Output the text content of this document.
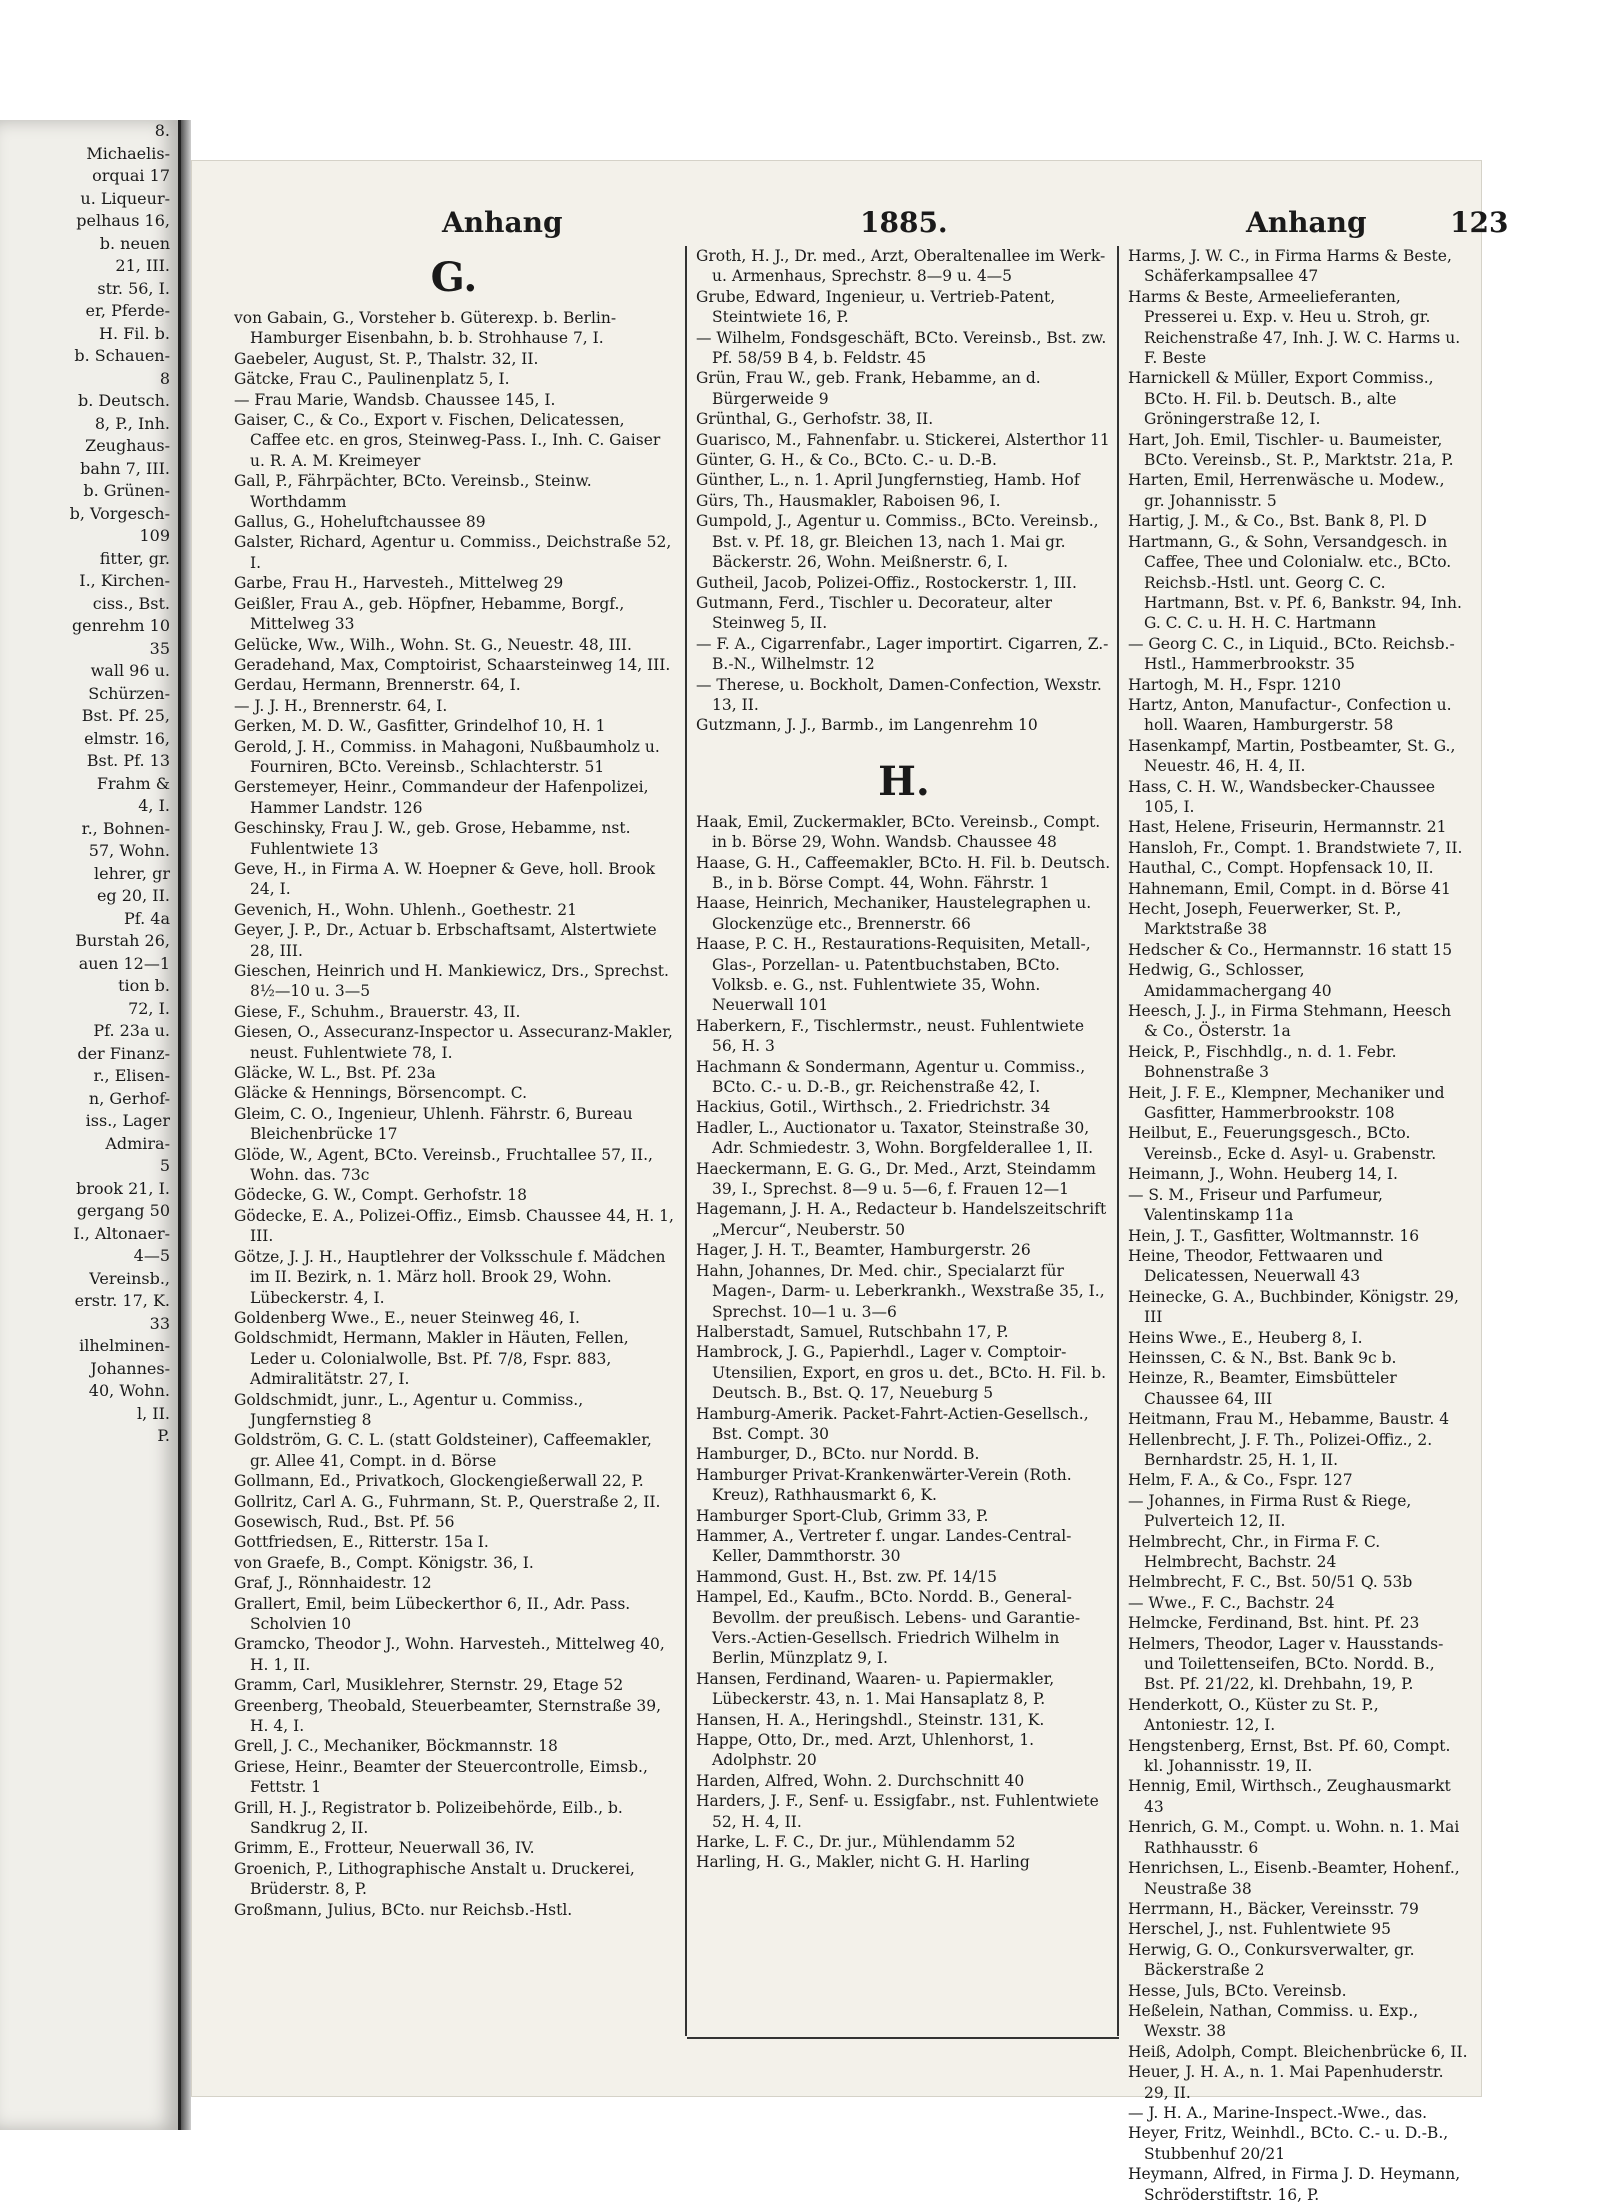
8.
Michaelis-
orquai 17
u. Liqueur-
pelhaus 16,
b. neuen
21, III.
str. 56, I.
er, Pferde-
H. Fil. b.
b. Schauen-
8
b. Deutsch.
8, P., Inh.
Zeughaus-
bahn 7, III.
b. Grünen-
b, Vorgesch-
109
fitter, gr.
I., Kirchen-
ciss., Bst.
genrehm 10
35
wall 96 u.
Schürzen-
Bst. Pf. 25,
elmstr. 16,
Bst. Pf. 13
Frahm &
4, I.
r., Bohnen-
57, Wohn.
lehrer, gr
eg 20, II.
Pf. 4a
Burstah 26,
auen 12—1
tion b.
72, I.
Pf. 23a u.
der Finanz-
r., Elisen-
n, Gerhof-
iss., Lager
Admira-
5
brook 21, I.
gergang 50
I., Altonaer-
4—5
Vereinsb.,
erstr. 17, K.
33
ilhelminen-
Johannes-
40, Wohn.
l, II.
P.
Anhang	1885.	Anhang	123
G.
von Gabain, G., Vorsteher b. Güterexp. b. Berlin-Hamburger Eisenbahn, b. b. Strohhause 7, I.
Gaebeler, August, St. P., Thalstr. 32, II.
Gätcke, Frau C., Paulinenplatz 5, I.
— Frau Marie, Wandsb. Chaussee 145, I.
Gaiser, C., & Co., Export v. Fischen, Delicatessen, Caffee etc. en gros, Steinweg-Pass. I., Inh. C. Gaiser u. R. A. M. Kreimeyer
Gall, P., Fährpächter, BCto. Vereinsb., Steinw. Worthdamm
Gallus, G., Hoheluftchaussee 89
Galster, Richard, Agentur u. Commiss., Deichstraße 52, I.
Garbe, Frau H., Harvesteh., Mittelweg 29
Geißler, Frau A., geb. Höpfner, Hebamme, Borgf., Mittelweg 33
Gelücke, Ww., Wilh., Wohn. St. G., Neuestr. 48, III.
Geradehand, Max, Comptoirist, Schaarsteinweg 14, III.
Gerdau, Hermann, Brennerstr. 64, I.
— J. J. H., Brennerstr. 64, I.
Gerken, M. D. W., Gasfitter, Grindelhof 10, H. 1
Gerold, J. H., Commiss. in Mahagoni, Nußbaumholz u. Fourniren, BCto. Vereinsb., Schlachterstr. 51
Gerstemeyer, Heinr., Commandeur der Hafenpolizei, Hammer Landstr. 126
Geschinsky, Frau J. W., geb. Grose, Hebamme, nst. Fuhlentwiete 13
Geve, H., in Firma A. W. Hoepner & Geve, holl. Brook 24, I.
Gevenich, H., Wohn. Uhlenh., Goethestr. 21
Geyer, J. P., Dr., Actuar b. Erbschaftsamt, Alstertwiete 28, III.
Gieschen, Heinrich und H. Mankiewicz, Drs., Sprechst. 8½—10 u. 3—5
Giese, F., Schuhm., Brauerstr. 43, II.
Giesen, O., Assecuranz-Inspector u. Assecuranz-Makler, neust. Fuhlentwiete 78, I.
Gläcke, W. L., Bst. Pf. 23a
Gläcke & Hennings, Börsencompt. C.
Gleim, C. O., Ingenieur, Uhlenh. Fährstr. 6, Bureau Bleichenbrücke 17
Glöde, W., Agent, BCto. Vereinsb., Fruchtallee 57, II., Wohn. das. 73c
Gödecke, G. W., Compt. Gerhofstr. 18
Gödecke, E. A., Polizei-Offiz., Eimsb. Chaussee 44, H. 1, III.
Götze, J. J. H., Hauptlehrer der Volksschule f. Mädchen im II. Bezirk, n. 1. März holl. Brook 29, Wohn. Lübeckerstr. 4, I.
Goldenberg Wwe., E., neuer Steinweg 46, I.
Goldschmidt, Hermann, Makler in Häuten, Fellen, Leder u. Colonialwolle, Bst. Pf. 7/8, Fspr. 883, Admiralitätstr. 27, I.
Goldschmidt, junr., L., Agentur u. Commiss., Jungfernstieg 8
Goldström, G. C. L. (statt Goldsteiner), Caffeemakler, gr. Allee 41, Compt. in d. Börse
Gollmann, Ed., Privatkoch, Glockengießerwall 22, P.
Gollritz, Carl A. G., Fuhrmann, St. P., Querstraße 2, II.
Gosewisch, Rud., Bst. Pf. 56
Gottfriedsen, E., Ritterstr. 15a I.
von Graefe, B., Compt. Königstr. 36, I.
Graf, J., Rönnhaidestr. 12
Grallert, Emil, beim Lübeckerthor 6, II., Adr. Pass. Scholvien 10
Gramcko, Theodor J., Wohn. Harvesteh., Mittelweg 40, H. 1, II.
Gramm, Carl, Musiklehrer, Sternstr. 29, Etage 52
Greenberg, Theobald, Steuerbeamter, Sternstraße 39, H. 4, I.
Grell, J. C., Mechaniker, Böckmannstr. 18
Griese, Heinr., Beamter der Steuercontrolle, Eimsb., Fettstr. 1
Grill, H. J., Registrator b. Polizeibehörde, Eilb., b. Sandkrug 2, II.
Grimm, E., Frotteur, Neuerwall 36, IV.
Groenich, P., Lithographische Anstalt u. Druckerei, Brüderstr. 8, P.
Großmann, Julius, BCto. nur Reichsb.-Hstl.
Groth, H. J., Dr. med., Arzt, Oberaltenallee im Werk- u. Armenhaus, Sprechstr. 8—9 u. 4—5
Grube, Edward, Ingenieur, u. Vertrieb-Patent, Steintwiete 16, P.
— Wilhelm, Fondsgeschäft, BCto. Vereinsb., Bst. zw. Pf. 58/59 B 4, b. Feldstr. 45
Grün, Frau W., geb. Frank, Hebamme, an d. Bürgerweide 9
Grünthal, G., Gerhofstr. 38, II.
Guarisco, M., Fahnenfabr. u. Stickerei, Alsterthor 11
Günter, G. H., & Co., BCto. C.- u. D.-B.
Günther, L., n. 1. April Jungfernstieg, Hamb. Hof
Gürs, Th., Hausmakler, Raboisen 96, I.
Gumpold, J., Agentur u. Commiss., BCto. Vereinsb., Bst. v. Pf. 18, gr. Bleichen 13, nach 1. Mai gr. Bäckerstr. 26, Wohn. Meißnerstr. 6, I.
Gutheil, Jacob, Polizei-Offiz., Rostockerstr. 1, III.
Gutmann, Ferd., Tischler u. Decorateur, alter Steinweg 5, II.
— F. A., Cigarrenfabr., Lager importirt. Cigarren, Z.-B.-N., Wilhelmstr. 12
— Therese, u. Bockholt, Damen-Confection, Wexstr. 13, II.
Gutzmann, J. J., Barmb., im Langenrehm 10
H.
Haak, Emil, Zuckermakler, BCto. Vereinsb., Compt. in b. Börse 29, Wohn. Wandsb. Chaussee 48
Haase, G. H., Caffeemakler, BCto. H. Fil. b. Deutsch. B., in b. Börse Compt. 44, Wohn. Fährstr. 1
Haase, Heinrich, Mechaniker, Haustelegraphen u. Glockenzüge etc., Brennerstr. 66
Haase, P. C. H., Restaurations-Requisiten, Metall-, Glas-, Porzellan- u. Patentbuchstaben, BCto. Volksb. e. G., nst. Fuhlentwiete 35, Wohn. Neuerwall 101
Haberkern, F., Tischlermstr., neust. Fuhlentwiete 56, H. 3
Hachmann & Sondermann, Agentur u. Commiss., BCto. C.- u. D.-B., gr. Reichenstraße 42, I.
Hackius, Gotil., Wirthsch., 2. Friedrichstr. 34
Hadler, L., Auctionator u. Taxator, Steinstraße 30, Adr. Schmiedestr. 3, Wohn. Borgfelderallee 1, II.
Haeckermann, E. G. G., Dr. Med., Arzt, Steindamm 39, I., Sprechst. 8—9 u. 5—6, f. Frauen 12—1
Hagemann, J. H. A., Redacteur b. Handelszeitschrift „Mercur“, Neuberstr. 50
Hager, J. H. T., Beamter, Hamburgerstr. 26
Hahn, Johannes, Dr. Med. chir., Specialarzt für Magen-, Darm- u. Leberkrankh., Wexstraße 35, I., Sprechst. 10—1 u. 3—6
Halberstadt, Samuel, Rutschbahn 17, P.
Hambrock, J. G., Papierhdl., Lager v. Comptoir-Utensilien, Export, en gros u. det., BCto. H. Fil. b. Deutsch. B., Bst. Q. 17, Neueburg 5
Hamburg-Amerik. Packet-Fahrt-Actien-Gesellsch., Bst. Compt. 30
Hamburger, D., BCto. nur Nordd. B.
Hamburger Privat-Krankenwärter-Verein (Roth. Kreuz), Rathhausmarkt 6, K.
Hamburger Sport-Club, Grimm 33, P.
Hammer, A., Vertreter f. ungar. Landes-Central-Keller, Dammthorstr. 30
Hammond, Gust. H., Bst. zw. Pf. 14/15
Hampel, Ed., Kaufm., BCto. Nordd. B., General-Bevollm. der preußisch. Lebens- und Garantie-Vers.-Actien-Gesellsch. Friedrich Wilhelm in Berlin, Münzplatz 9, I.
Hansen, Ferdinand, Waaren- u. Papiermakler, Lübeckerstr. 43, n. 1. Mai Hansaplatz 8, P.
Hansen, H. A., Heringshdl., Steinstr. 131, K.
Happe, Otto, Dr., med. Arzt, Uhlenhorst, 1. Adolphstr. 20
Harden, Alfred, Wohn. 2. Durchschnitt 40
Harders, J. F., Senf- u. Essigfabr., nst. Fuhlentwiete 52, H. 4, II.
Harke, L. F. C., Dr. jur., Mühlendamm 52
Harling, H. G., Makler, nicht G. H. Harling
Harms, J. W. C., in Firma Harms & Beste, Schäferkampsallee 47
Harms & Beste, Armeelieferanten, Presserei u. Exp. v. Heu u. Stroh, gr. Reichenstraße 47, Inh. J. W. C. Harms u. F. Beste
Harnickell & Müller, Export Commiss., BCto. H. Fil. b. Deutsch. B., alte Gröningerstraße 12, I.
Hart, Joh. Emil, Tischler- u. Baumeister, BCto. Vereinsb., St. P., Marktstr. 21a, P.
Harten, Emil, Herrenwäsche u. Modew., gr. Johannisstr. 5
Hartig, J. M., & Co., Bst. Bank 8, Pl. D
Hartmann, G., & Sohn, Versandgesch. in Caffee, Thee und Colonialw. etc., BCto. Reichsb.-Hstl. unt. Georg C. C. Hartmann, Bst. v. Pf. 6, Bankstr. 94, Inh. G. C. C. u. H. H. C. Hartmann
— Georg C. C., in Liquid., BCto. Reichsb.-Hstl., Hammerbrookstr. 35
Hartogh, M. H., Fspr. 1210
Hartz, Anton, Manufactur-, Confection u. holl. Waaren, Hamburgerstr. 58
Hasenkampf, Martin, Postbeamter, St. G., Neuestr. 46, H. 4, II.
Hass, C. H. W., Wandsbecker-Chaussee 105, I.
Hast, Helene, Friseurin, Hermannstr. 21
Hansloh, Fr., Compt. 1. Brandstwiete 7, II.
Hauthal, C., Compt. Hopfensack 10, II.
Hahnemann, Emil, Compt. in d. Börse 41
Hecht, Joseph, Feuerwerker, St. P., Marktstraße 38
Hedscher & Co., Hermannstr. 16 statt 15
Hedwig, G., Schlosser, Amidammachergang 40
Heesch, J. J., in Firma Stehmann, Heesch & Co., Österstr. 1a
Heick, P., Fischhdlg., n. d. 1. Febr. Bohnenstraße 3
Heit, J. F. E., Klempner, Mechaniker und Gasfitter, Hammerbrookstr. 108
Heilbut, E., Feuerungsgesch., BCto. Vereinsb., Ecke d. Asyl- u. Grabenstr.
Heimann, J., Wohn. Heuberg 14, I.
— S. M., Friseur und Parfumeur, Valentinskamp 11a
Hein, J. T., Gasfitter, Woltmannstr. 16
Heine, Theodor, Fettwaaren und Delicatessen, Neuerwall 43
Heinecke, G. A., Buchbinder, Königstr. 29, III
Heins Wwe., E., Heuberg 8, I.
Heinssen, C. & N., Bst. Bank 9c b.
Heinze, R., Beamter, Eimsbütteler Chaussee 64, III
Heitmann, Frau M., Hebamme, Baustr. 4
Hellenbrecht, J. F. Th., Polizei-Offiz., 2. Bernhardstr. 25, H. 1, II.
Helm, F. A., & Co., Fspr. 127
— Johannes, in Firma Rust & Riege, Pulverteich 12, II.
Helmbrecht, Chr., in Firma F. C. Helmbrecht, Bachstr. 24
Helmbrecht, F. C., Bst. 50/51 Q. 53b
— Wwe., F. C., Bachstr. 24
Helmcke, Ferdinand, Bst. hint. Pf. 23
Helmers, Theodor, Lager v. Hausstands- und Toilettenseifen, BCto. Nordd. B., Bst. Pf. 21/22, kl. Drehbahn, 19, P.
Henderkott, O., Küster zu St. P., Antoniestr. 12, I.
Hengstenberg, Ernst, Bst. Pf. 60, Compt. kl. Johannisstr. 19, II.
Hennig, Emil, Wirthsch., Zeughausmarkt 43
Henrich, G. M., Compt. u. Wohn. n. 1. Mai Rathhausstr. 6
Henrichsen, L., Eisenb.-Beamter, Hohenf., Neustraße 38
Herrmann, H., Bäcker, Vereinsstr. 79
Herschel, J., nst. Fuhlentwiete 95
Herwig, G. O., Conkursverwalter, gr. Bäckerstraße 2
Hesse, Juls, BCto. Vereinsb.
Heßelein, Nathan, Commiss. u. Exp., Wexstr. 38
Heiß, Adolph, Compt. Bleichenbrücke 6, II.
Heuer, J. H. A., n. 1. Mai Papenhuderstr. 29, II.
— J. H. A., Marine-Inspect.-Wwe., das.
Heyer, Fritz, Weinhdl., BCto. C.- u. D.-B., Stubbenhuf 20/21
Heymann, Alfred, in Firma J. D. Heymann, Schröderstiftstr. 16, P.
